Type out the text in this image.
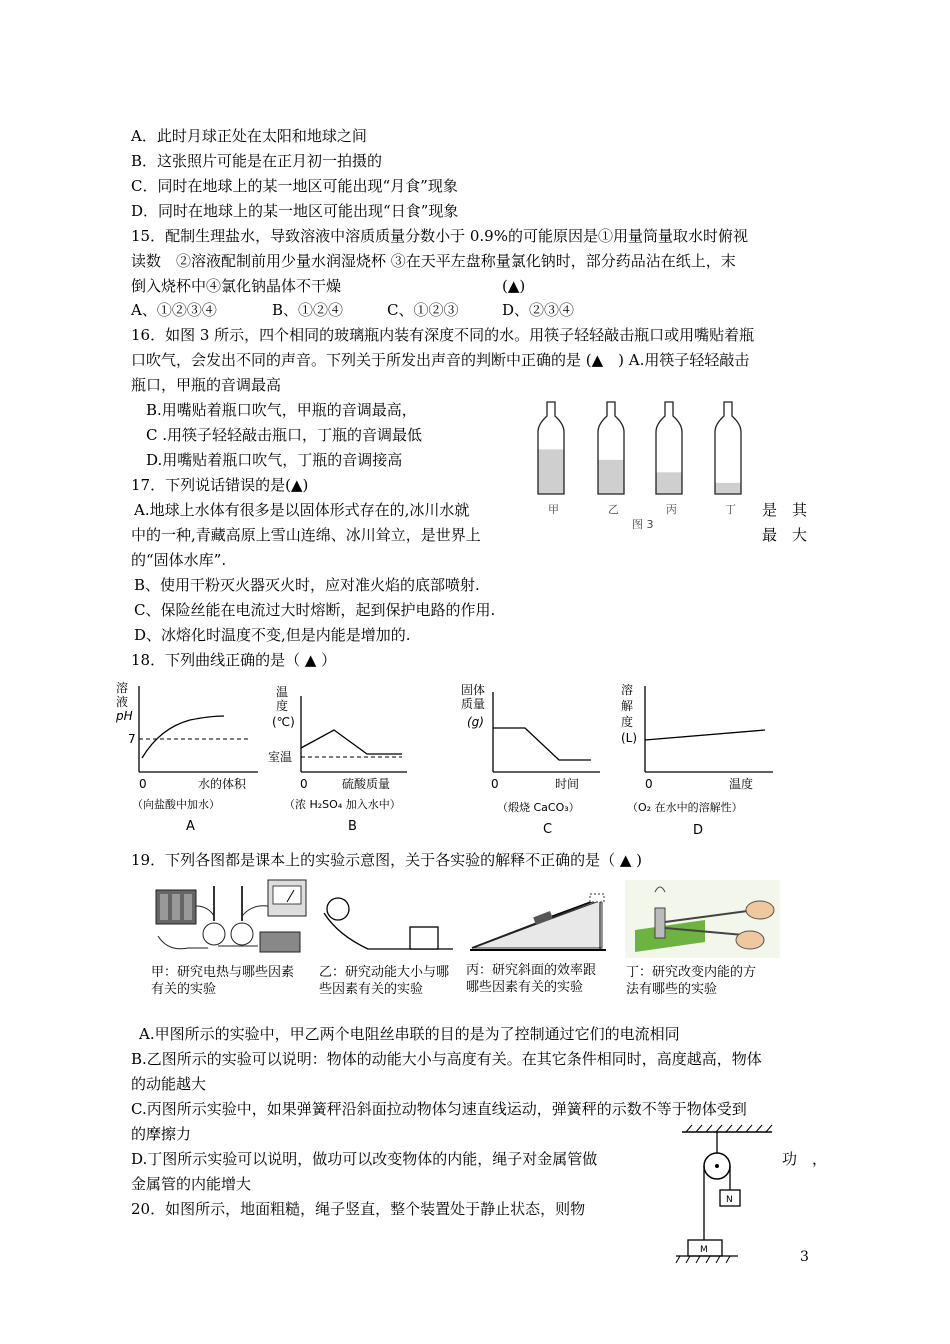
A．此时月球正处在太阳和地球之间
B．这张照片可能是在正月初一拍摄的
C．同时在地球上的某一地区可能出现“月食”现象
D．同时在地球上的某一地区可能出现“日食”现象
15．配制生理盐水，导致溶液中溶质质量分数小于 0.9%的可能原因是①用量筒量取水时俯视
读数　②溶液配制前用少量水润湿烧杯 ③在天平左盘称量氯化钠时，部分药品沾在纸上，末
倒入烧杯中④氯化钠晶体不干燥	(▲)
A、①②③④	B、①②④	C、①②③	D、②③④
16．如图 3 所示，四个相同的玻璃瓶内装有深度不同的水。用筷子轻轻敲击瓶口或用嘴贴着瓶
口吹气，会发出不同的声音。下列关于所发出声音的判断中正确的是 (▲　) A.用筷子轻轻敲击
瓶口，甲瓶的音调最高
B.用嘴贴着瓶口吹气，甲瓶的音调最高，
C .用筷子轻轻敲击瓶口，丁瓶的音调最低
D.用嘴贴着瓶口吹气，丁瓶的音调接高
甲	乙	丙	丁
图 3
17．下列说话错误的是(▲)
A.地球上水体有很多是以固体形式存在的,冰川水就	是　其
中的一种,青藏高原上雪山连绵、冰川耸立，是世界上	最　大
的“固体水库”.
B、使用干粉灭火器灭火时，应对准火焰的底部喷射.
C、保险丝能在电流过大时熔断，起到保护电路的作用.
D、冰熔化时温度不变,但是内能是增加的.
18．下列曲线正确的是（ ▲ ）
溶
液
pH
7
0	水的体积
（向盐酸中加水）
A
温
度
(℃)
室温
0	硫酸质量
（浓 H₂SO₄ 加入水中）
B
固体
质量
(g)
0	时间
（煅烧 CaCO₃）
C
溶
解
度
(L)
0	温度
（O₂ 在水中的溶解性）
D
19．下列各图都是课本上的实验示意图，关于各实验的解释不正确的是（ ▲ )
甲：研究电热与哪些因素有关的实验
乙：研究动能大小与哪些因素有关的实验
丙：研究斜面的效率跟哪些因素有关的实验
丁：研究改变内能的方法有哪些的实验
A.甲图所示的实验中，甲乙两个电阻丝串联的目的是为了控制通过它们的电流相同
B.乙图所示的实验可以说明：物体的动能大小与高度有关。在其它条件相同时，高度越高，物体
的动能越大
C.丙图所示实验中，如果弹簧秤沿斜面拉动物体匀速直线运动，弹簧秤的示数不等于物体受到
的摩擦力
D.丁图所示实验可以说明，做功可以改变物体的内能，绳子对金属管做	功　，
金属管的内能增大
20．如图所示，地面粗糙，绳子竖直，整个装置处于静止状态，则物	N
M	3
